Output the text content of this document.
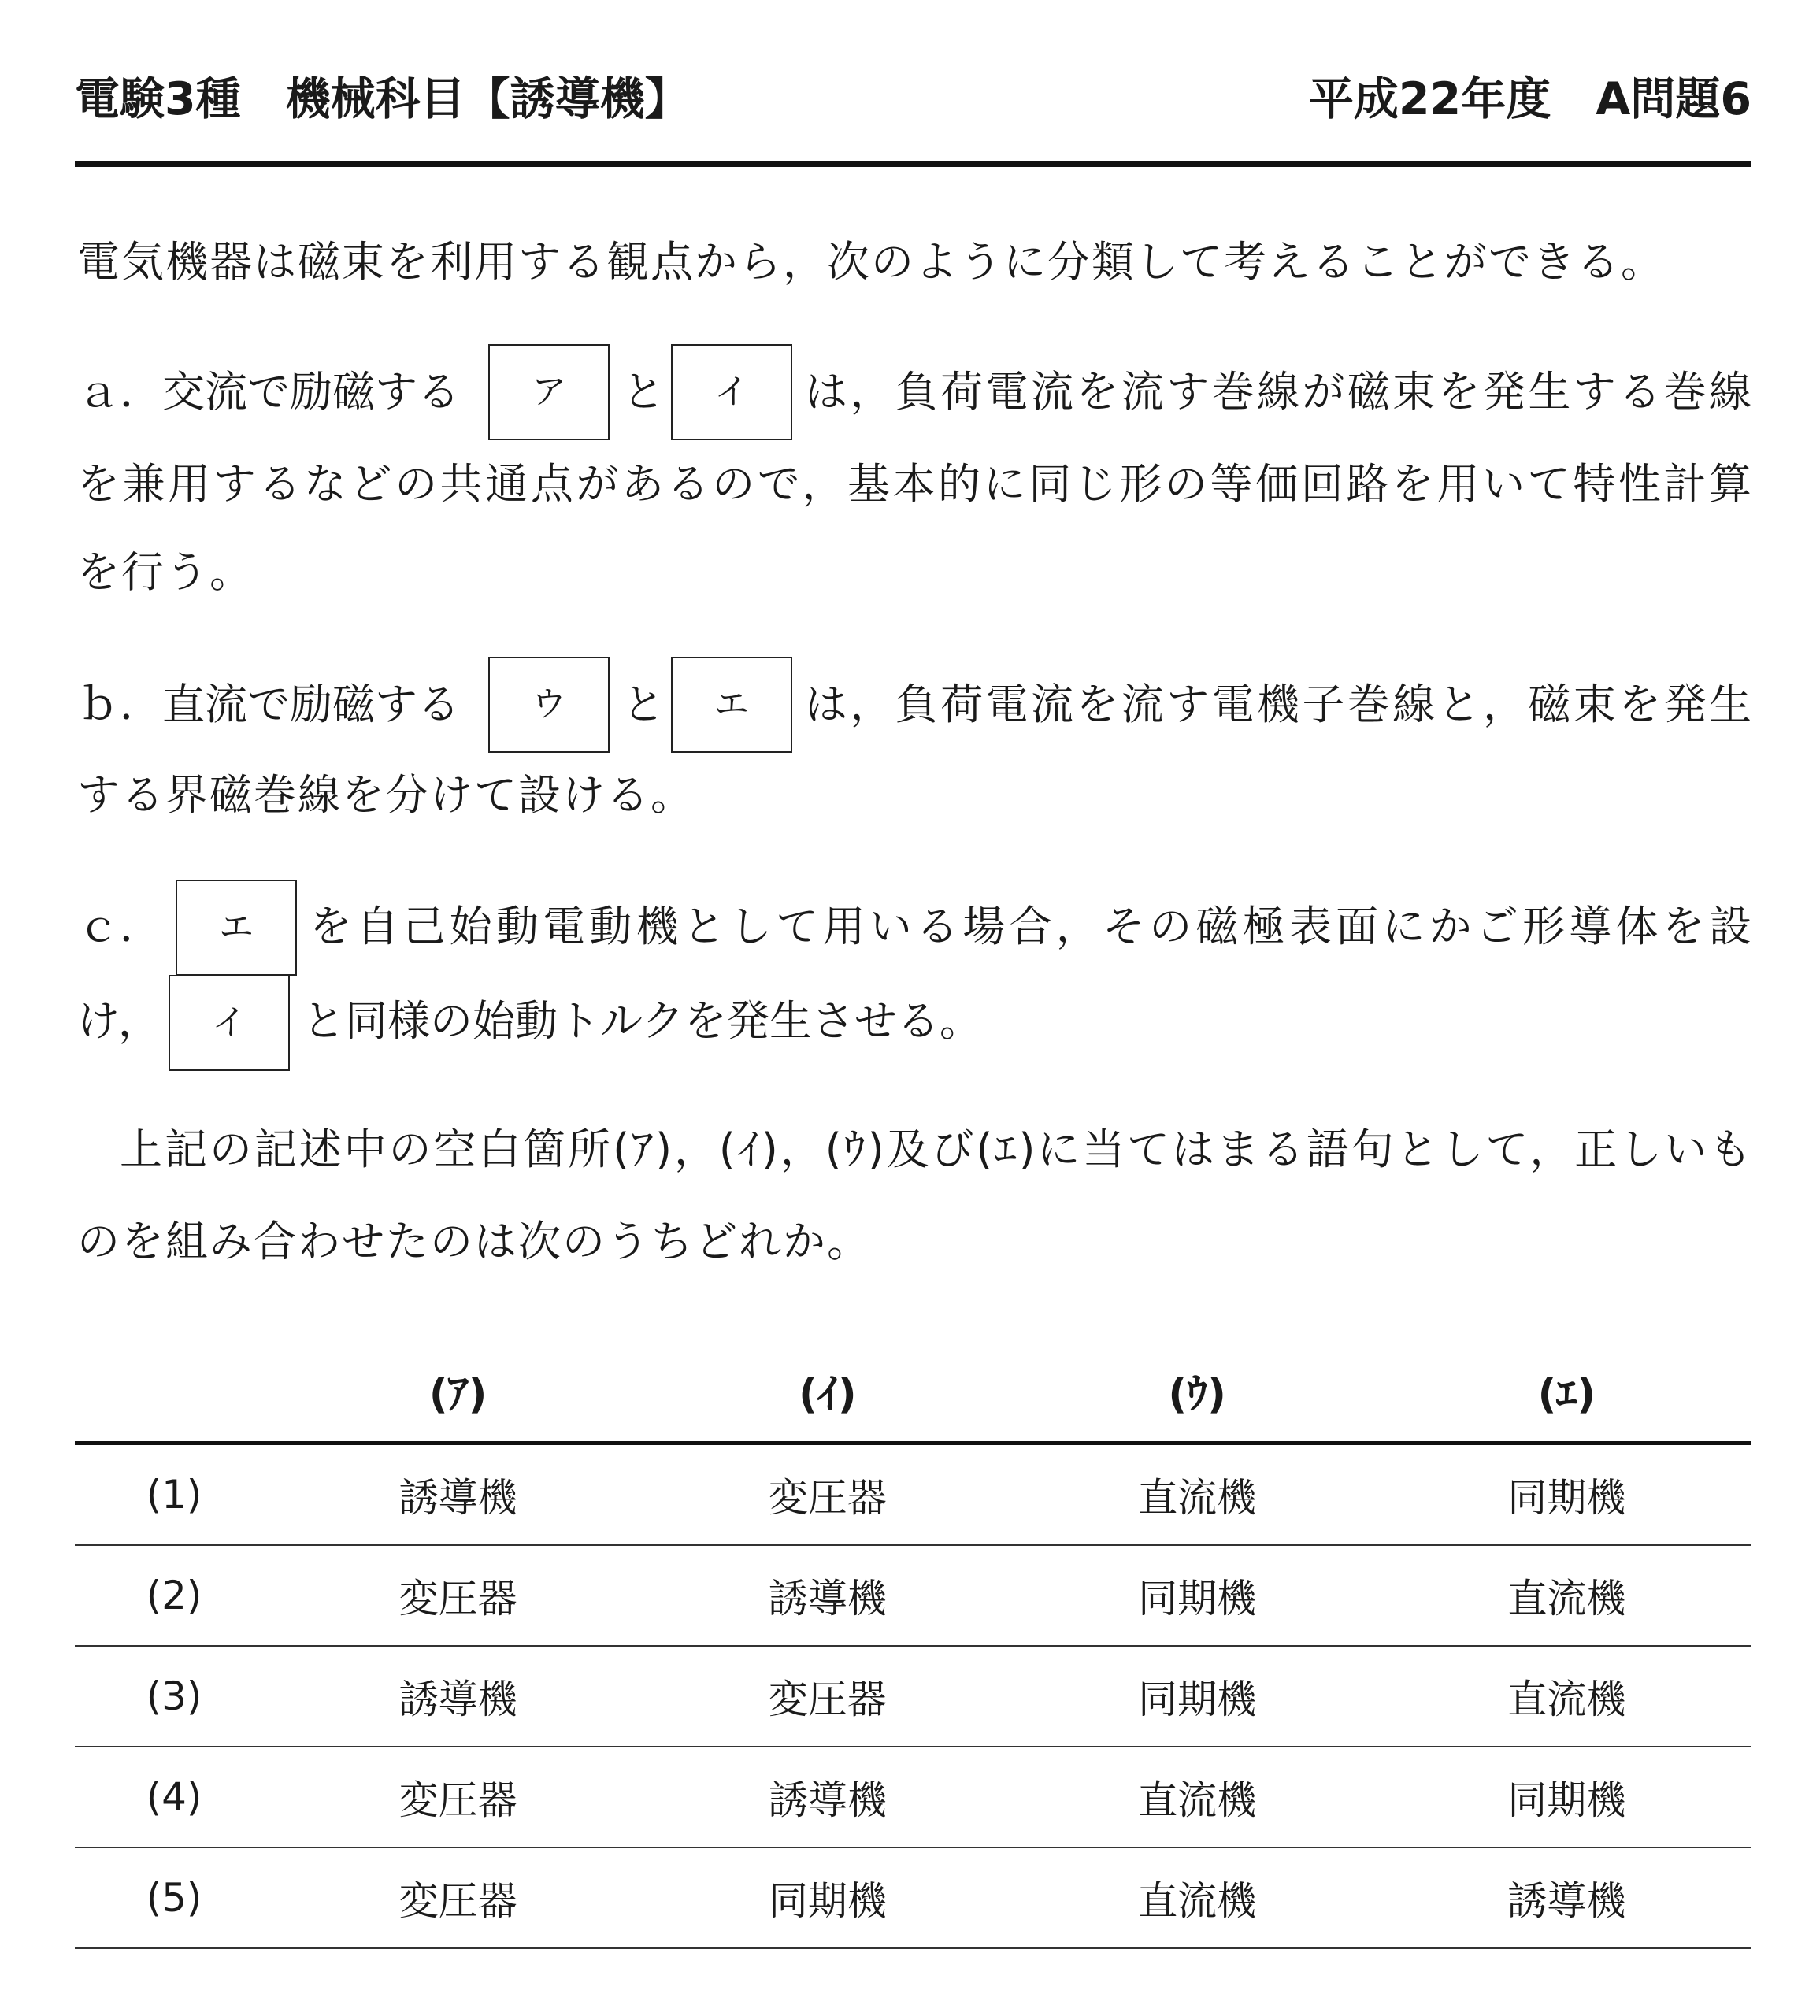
電験3種　機械科目【誘導機】	平成22年度　A問題6
電気機器は磁束を利用する観点から，次のように分類して考えることができる。
ａ．交流で励磁する ア と イ は，負荷電流を流す巻線が磁束を発生する巻線
を兼用するなどの共通点があるので，基本的に同じ形の等価回路を用いて特性計算
を行う。
ｂ．直流で励磁する ウ と エ は，負荷電流を流す電機子巻線と，磁束を発生
する界磁巻線を分けて設ける。
ｃ． エ を自己始動電動機として用いる場合，その磁極表面にかご形導体を設
け， イ と同様の始動トルクを発生させる。
上記の記述中の空白箇所(ｱ)，(ｲ)，(ｳ)及び(ｴ)に当てはまる語句として，正しいも
のを組み合わせたのは次のうちどれか。
	(ｱ)	(ｲ)	(ｳ)	(ｴ)
(1)	誘導機	変圧器	直流機	同期機
(2)	変圧器	誘導機	同期機	直流機
(3)	誘導機	変圧器	同期機	直流機
(4)	変圧器	誘導機	直流機	同期機
(5)	変圧器	同期機	直流機	誘導機
